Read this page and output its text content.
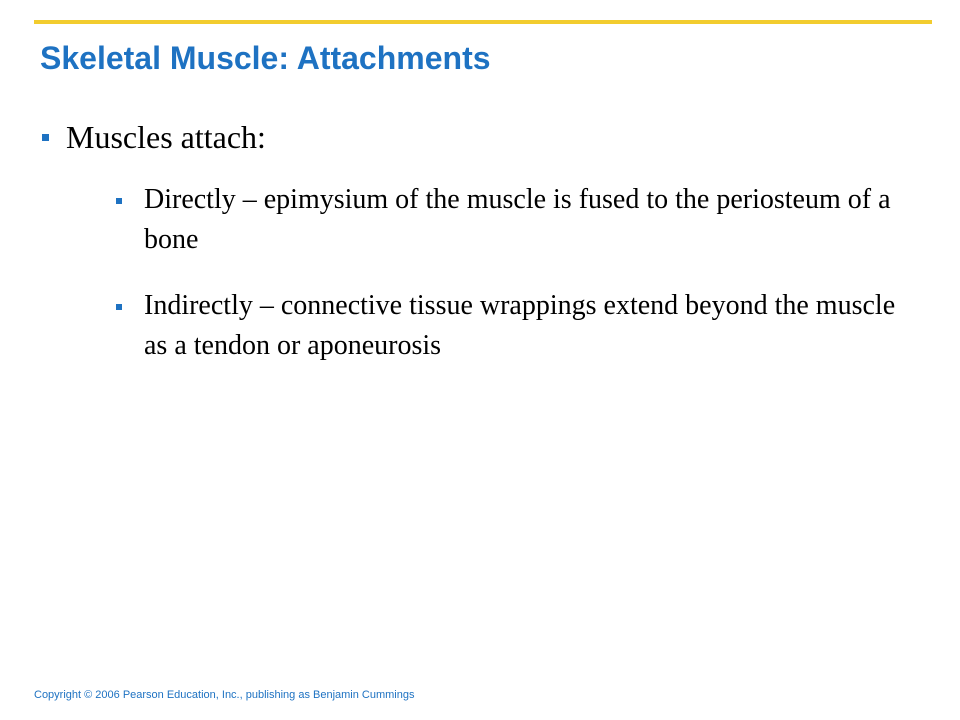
Skeletal Muscle: Attachments
Muscles attach:
Directly – epimysium of the muscle is fused to the periosteum of a bone
Indirectly – connective tissue wrappings extend beyond the muscle as a tendon or aponeurosis

Copyright © 2006 Pearson Education, Inc., publishing as Benjamin Cummings
